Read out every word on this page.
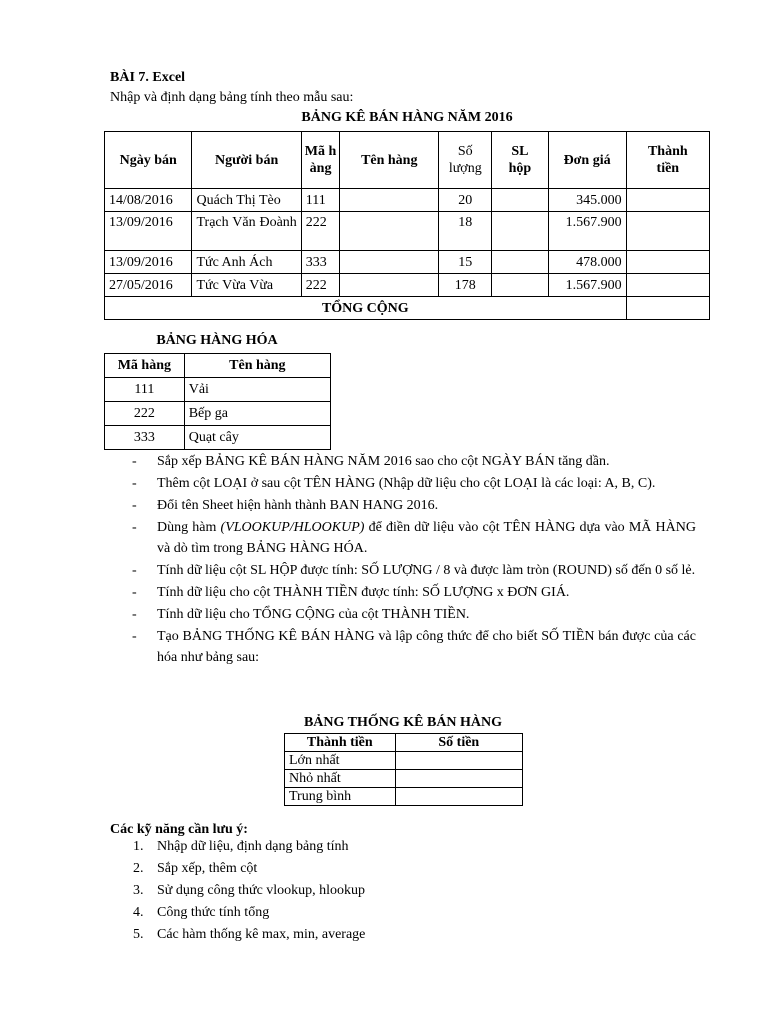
BÀI 7. Excel
Nhập và định dạng bảng tính theo mẫu sau:
BẢNG KÊ BÁN HÀNG NĂM 2016
Ngày bán	Người bán	Mã hàng	Tên hàng	Số lượng	SL hộp	Đơn giá	Thành tiền
14/08/2016	Quách Thị Tèo	111		20		345.000	
13/09/2016	Trạch Văn Đoành	222		18		1.567.900	
13/09/2016	Tức Anh Ách	333		15		478.000	
27/05/2016	Tức Vừa Vừa	222		178		1.567.900	
TỔNG CỘNG							
BẢNG HÀNG HÓA
Mã hàng	Tên hàng
111	Vải
222	Bếp ga
333	Quạt cây
- Sắp xếp BẢNG KÊ BÁN HÀNG NĂM 2016 sao cho cột NGÀY BÁN tăng dần.
- Thêm cột LOẠI ở sau cột TÊN HÀNG (Nhập dữ liệu cho cột LOẠI là các loại: A, B, C).
- Đổi tên Sheet hiện hành thành BAN HANG 2016.
- Dùng hàm (VLOOKUP/HLOOKUP) để điền dữ liệu vào cột TÊN HÀNG dựa vào MÃ HÀNG và dò tìm trong BẢNG HÀNG HÓA.
- Tính dữ liệu cột SL HỘP được tính: SỐ LƯỢNG / 8 và được làm tròn (ROUND) số đến 0 số lẻ.
- Tính dữ liệu cho cột THÀNH TIỀN được tính: SỐ LƯỢNG x ĐƠN GIÁ.
- Tính dữ liệu cho TỔNG CỘNG của cột THÀNH TIỀN.
- Tạo BẢNG THỐNG KÊ BÁN HÀNG và lập công thức để cho biết SỐ TIỀN bán được của các hóa như bảng sau:
BẢNG THỐNG KÊ BÁN HÀNG
Thành tiền	Số tiền
Lớn nhất	
Nhỏ nhất	
Trung bình	
Các kỹ năng cần lưu ý:
1. Nhập dữ liệu, định dạng bảng tính
2. Sắp xếp, thêm cột
3. Sử dụng công thức vlookup, hlookup
4. Công thức tính tổng
5. Các hàm thống kê max, min, average
